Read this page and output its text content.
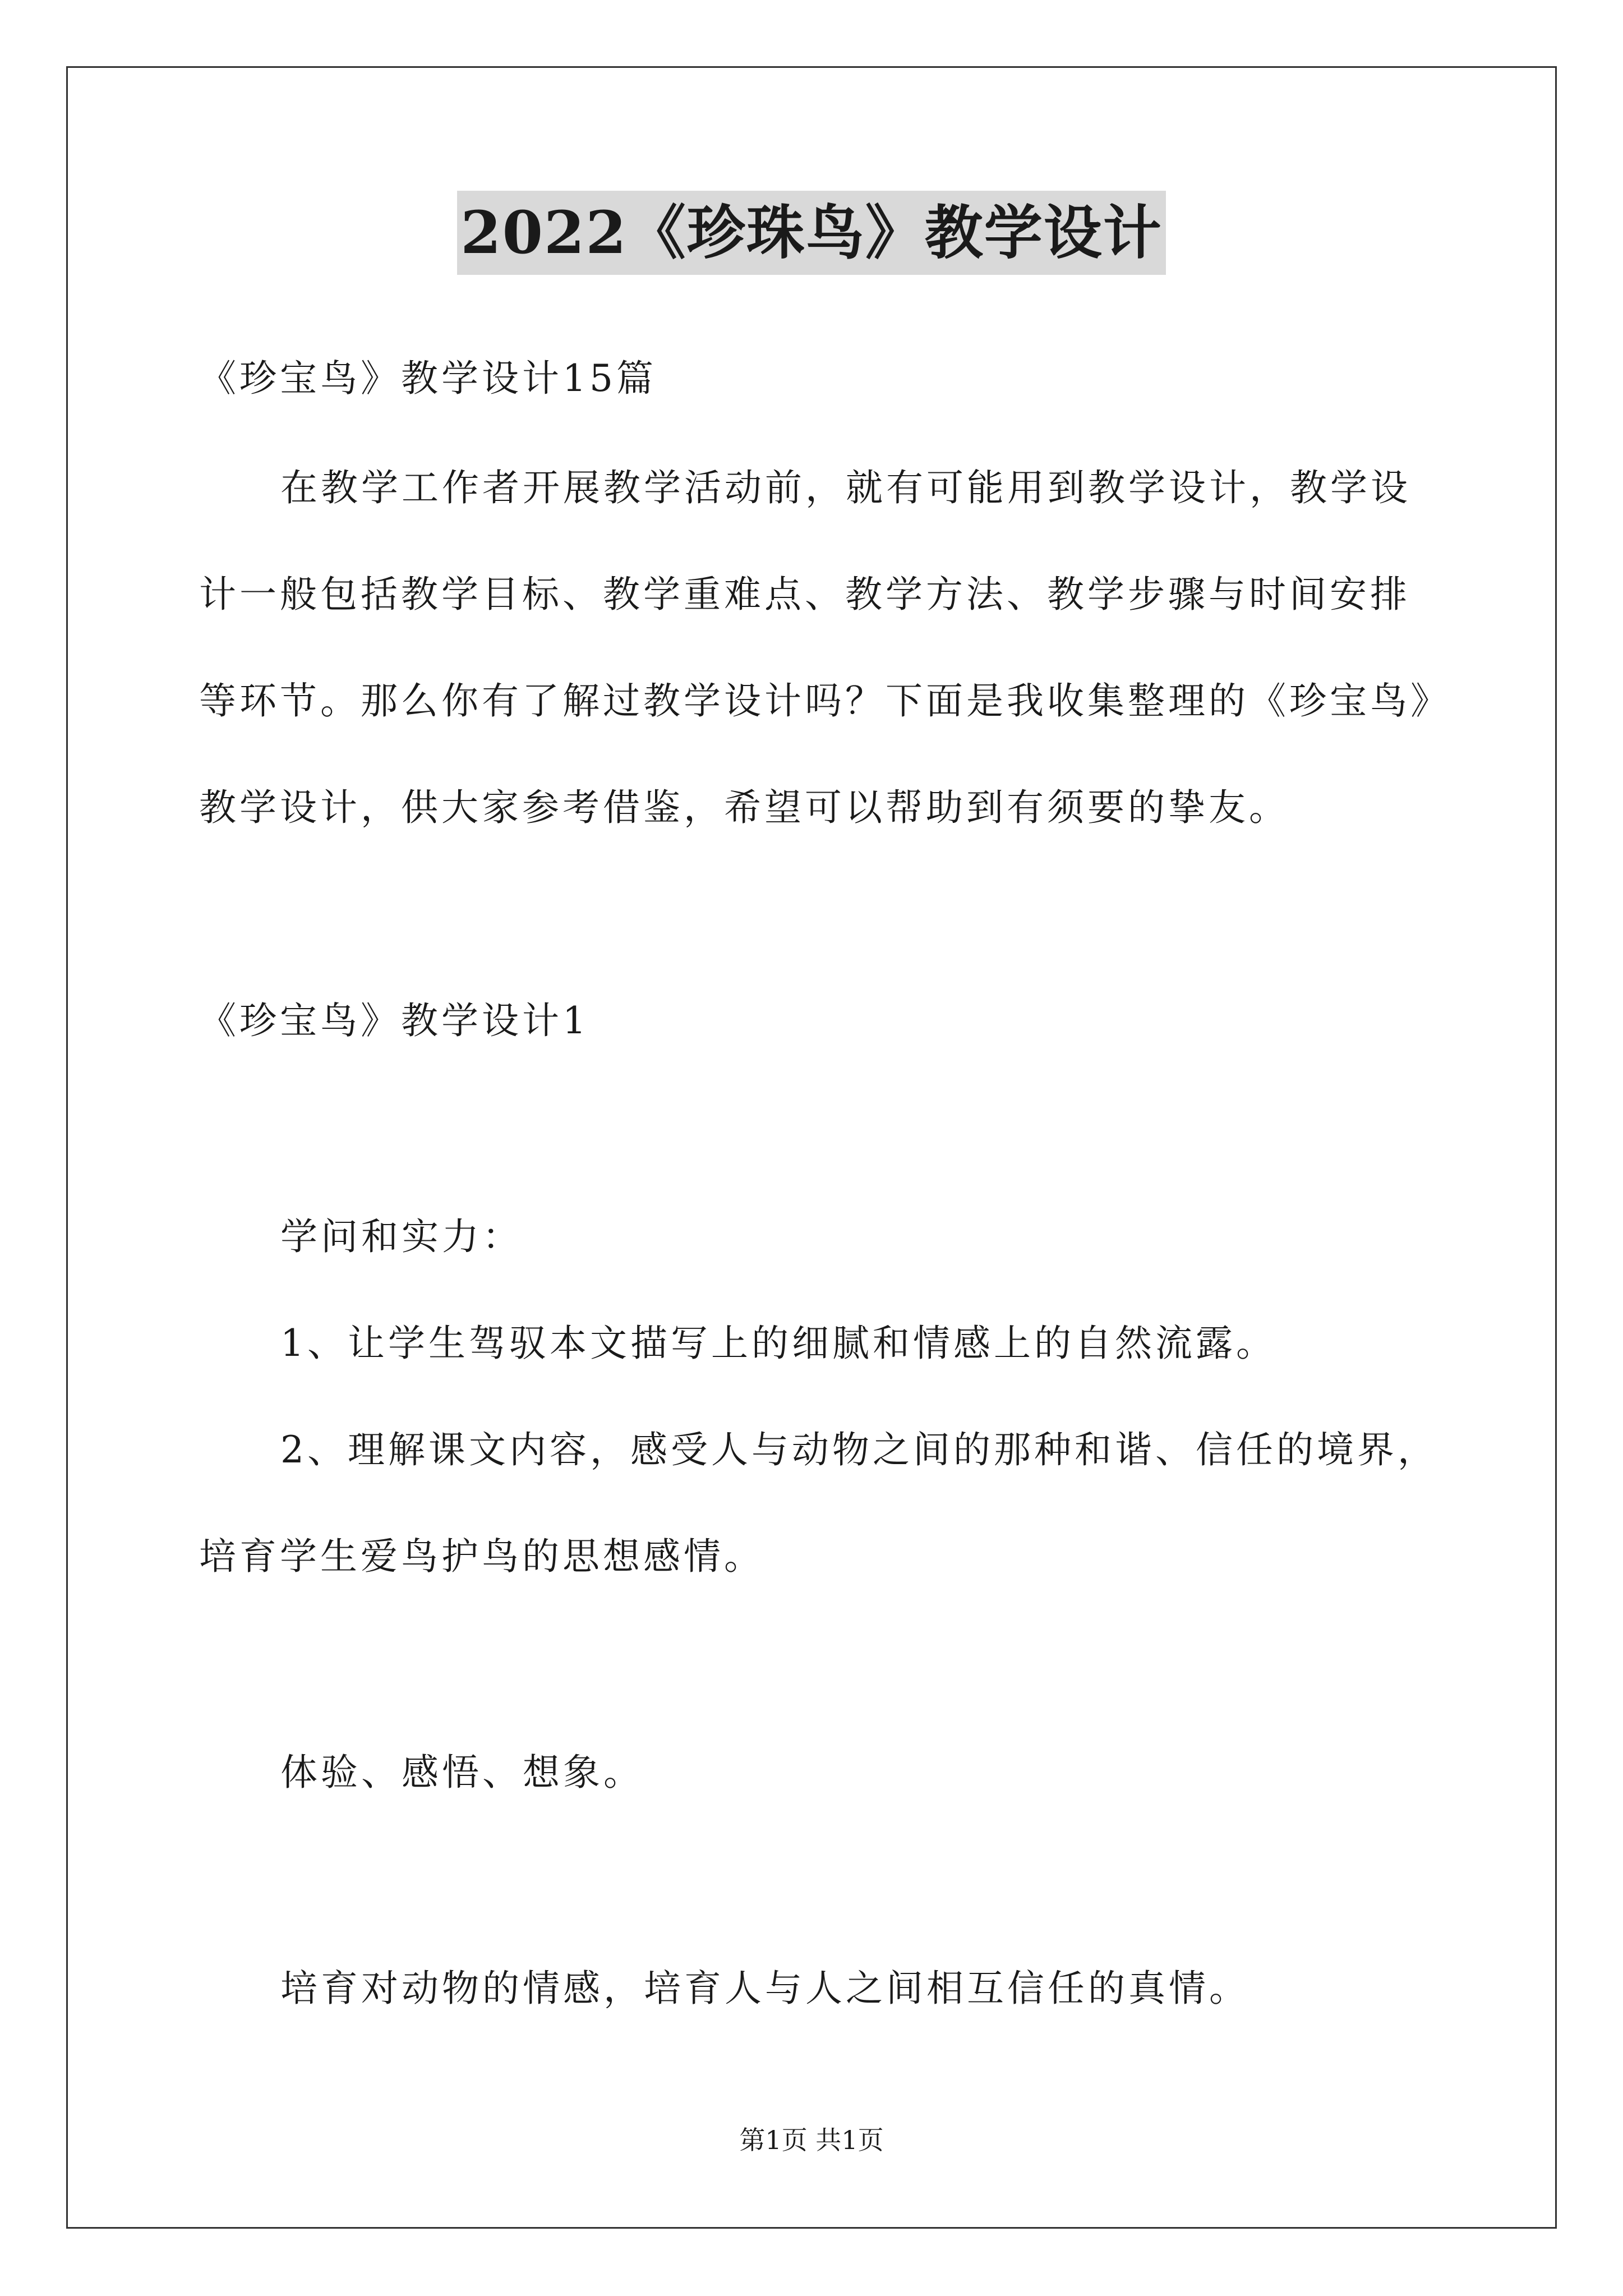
2022《珍珠鸟》教学设计
《珍宝鸟》教学设计15篇
在教学工作者开展教学活动前，就有可能用到教学设计，教学设
计一般包括教学目标、教学重难点、教学方法、教学步骤与时间安排
等环节。那么你有了解过教学设计吗？下面是我收集整理的《珍宝鸟》
教学设计，供大家参考借鉴，希望可以帮助到有须要的挚友。
《珍宝鸟》教学设计1
学问和实力：
1、让学生驾驭本文描写上的细腻和情感上的自然流露。
2、理解课文内容，感受人与动物之间的那种和谐、信任的境界，
培育学生爱鸟护鸟的思想感情。
体验、感悟、想象。
培育对动物的情感，培育人与人之间相互信任的真情。
第1页 共1页
